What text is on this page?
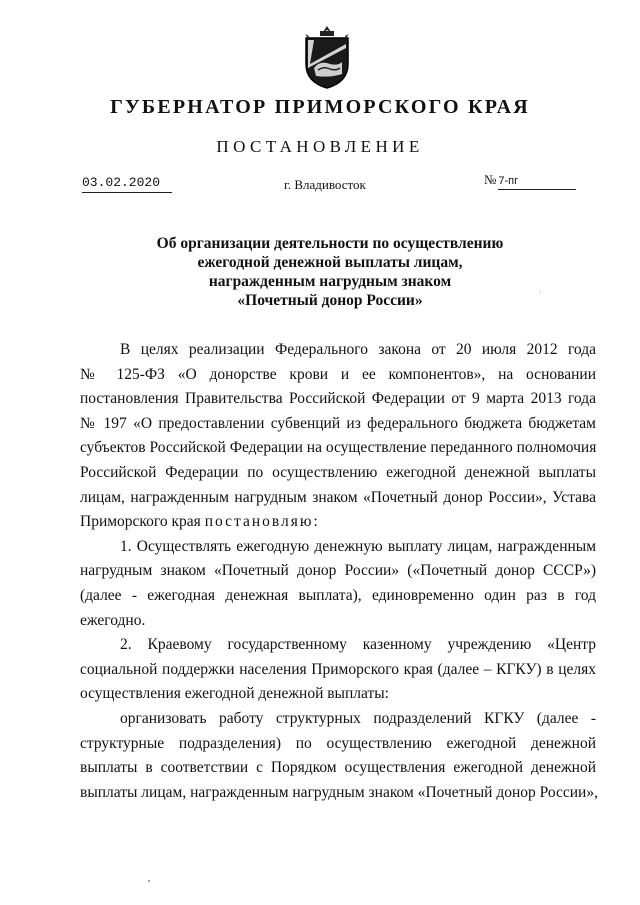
ГУБЕРНАТОР ПРИМОРСКОГО КРАЯ
ПОСТАНОВЛЕНИЕ
03.02.2020	г. Владивосток	№ 7-пг
Об организации деятельности по осуществлению
ежегодной денежной выплаты лицам,
награжденным нагрудным знаком
«Почетный донор России»
В целях реализации Федерального закона от 20 июля 2012 года
№ 125-ФЗ «О донорстве крови и ее компонентов», на основании
постановления Правительства Российской Федерации от 9 марта 2013 года
№ 197 «О предоставлении субвенций из федерального бюджета бюджетам
субъектов Российской Федерации на осуществление переданного полномочия
Российской Федерации по осуществлению ежегодной денежной выплаты
лицам, награжденным нагрудным знаком «Почетный донор России», Устава
Приморского края постановляю:
1. Осуществлять ежегодную денежную выплату лицам, награжденным
нагрудным знаком «Почетный донор России» («Почетный донор СССР»)
(далее - ежегодная денежная выплата), единовременно один раз в год
ежегодно.
2. Краевому государственному казенному учреждению «Центр
социальной поддержки населения Приморского края (далее – КГКУ) в целях
осуществления ежегодной денежной выплаты:
организовать работу структурных подразделений КГКУ (далее -
структурные подразделения) по осуществлению ежегодной денежной
выплаты в соответствии с Порядком осуществления ежегодной денежной
выплаты лицам, награжденным нагрудным знаком «Почетный донор России»,
